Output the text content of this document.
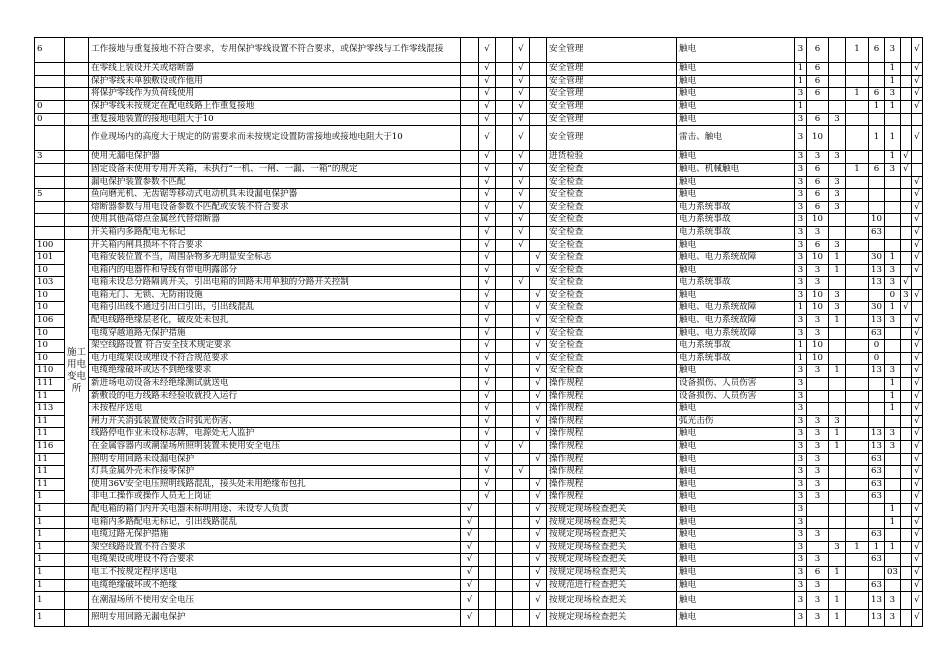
6		工作接地与重复接地不符合要求，专用保护零线设置不符合要求，或保护零线与工作零线混接		√		√		安全管理	触电	3	6		1	6	3		√
		在零线上装设开关或熔断器		√		√		安全管理	触电	1	6				1		√
		保护零线未单独敷设或作他用		√		√		安全管理	触电	1	6				1		√
		将保护零线作为负荷线使用		√		√		安全管理	触电	3	6		1	6	3		√
0		保护零线未按规定在配电线路上作重复接地		√		√		安全管理	触电	1				1	1		√
0		重复接地装置的接地电阻大于10		√		√		安全管理	触电	3	6	3					
		作业现场内的高度大于规定的防雷要求而未按规定设置防雷接地或接地电阻大于10		√		√		安全管理	雷击、触电	3	10			1	1		√
3		使用无漏电保护器		√		√		进货检验	触电	3	3	3			1	√	
		固定设备未使用专用开关箱，未执行“一机、一闸、一漏、一箱”的规定		√		√		安全检查	触电、机械触电	3	6		1	6	3	√	
		漏电保护装置参数不匹配		√		√		安全检查	触电	3	6	3					√
5		鱼向磨光机、无齿锯等移动式电动机具未设漏电保护器		√		√		安全检查	触电	3	6	3					√
		熔断器参数与用电设备参数不匹配或安装不符合要求		√		√		安全检查	电力系统事故	3	6	3					√
		使用其他高熔点金属丝代替熔断器		√		√		安全检查	电力系统事故	3	10			10			√
		开关箱内多路配电无标记		√		√		安全检查	电力系统事故	3	3			63			√
100	施工用电变电所	开关箱内闸具损坏不符合要求		√		√		安全检查	触电	3	6	3					√
101		电箱安装位置不当，周围杂物多无明显安全标志		√			√	安全检查	触电、电力系统故障	3	10	1		30	1		√
10		电箱内的电器件和导线有带电明露部分		√			√	安全检查	触电	3	3	1		13	3		√
103		电箱未设总分路隔离开关，引出电箱的回路未用单独的分路开关控制		√		√		安全检查	电力系统事故	3	3			13	3	√	
10		电箱无门、无锁、无防雨设施		√			√	安全检查	触电	3	10	3			0	3	√
10		电箱引出线不通过引出口引出，引出线混乱		√			√	安全检查	触电、电力系统故障	1	10	3		30	1	√	
106		配电线路绝缘层老化，破皮处未包扎		√			√	安全检查	触电、电力系统故障	3	3	1		13	3		√
10		电缆穿越道路无保护措施		√			√	安全检查	触电、电力系统故障	3	3			63			√
10		架空线路设置 符合安全技术规定要求		√			√	安全检查	电力系统事故	1	10			0			√
10		电力电缆架设或埋设不符合规范要求		√			√	安全检查	电力系统事故	1	10			0			√
110		电缆绝缘破坏或达不到绝缘要求		√			√	安全检查	触电	3	3	1		13	3		√
111		新进场电动设备未经绝缘测试就送电		√			√	操作规程	设备损伤、人员伤害	3					1		√
11		新敷设的电力线路未经验收就投入运行		√			√	操作规程	设备损伤、人员伤害	3					1		√
113		未按程序送电		√			√	操作规程	触电	3					1		√
11		闸力开关消弧装置使效合时弧光伤害、		√			√	操作规程	弧光击伤	3	3	3					√
11		线路停电作业未设标志牌，电源处无人监护		√			√	操作规程	触电	3	3	1		13	3		√
116		在金属容器内或潮湿场所照明装置未使用安全电压		√		√		操作规程	触电	3	3	1		13	3		√
11		照明专用回路未设漏电保护		√			√	操作规程	触电	3	3			63			√
11		灯具金属外壳未作接零保护		√		√		操作规程	触电	3	3			63			√
11		使用36V安全电压照明线路混乱，接头处未用绝缘布包扎		√			√	操作规程	触电	3	3			63			√
1		非电工操作或操作人员无上岗证		√			√	操作规程	触电	3	3			63			√
1		配电箱的箱门内开关电器未标明用途、未设专人负责	√				√	按规定现场检查把关	触电	3					1		√
1		电箱内多路配电无标记，引出线路混乱	√				√	按规定现场检查把关	触电	3					1		√
1		电缆过路无保护措施	√				√	按规定现场检查把关	触电	3	3			63			√
1		架空线路设置不符合要求	√				√	按规定现场检查把关	触电	3		3	1	1	1		√
1		电缆架设或埋设不符合要求	√				√	按规定现场检查把关	触电	3	3			63			√
1		电工不按规定程序送电	√				√	按规定现场检查把关	触电	3	6	1			03		√
1		电缆绝缘破坏或不绝缘	√				√	按规范进行检查把关	触电	3	3			63			√
1		在潮湿场所不使用安全电压	√				√	按规定现场检查把关	触电	3	3	1		13	3		√
1		照明专用回路无漏电保护	√				√	按规定现场检查把关	触电	3	3	1		13	3		√
